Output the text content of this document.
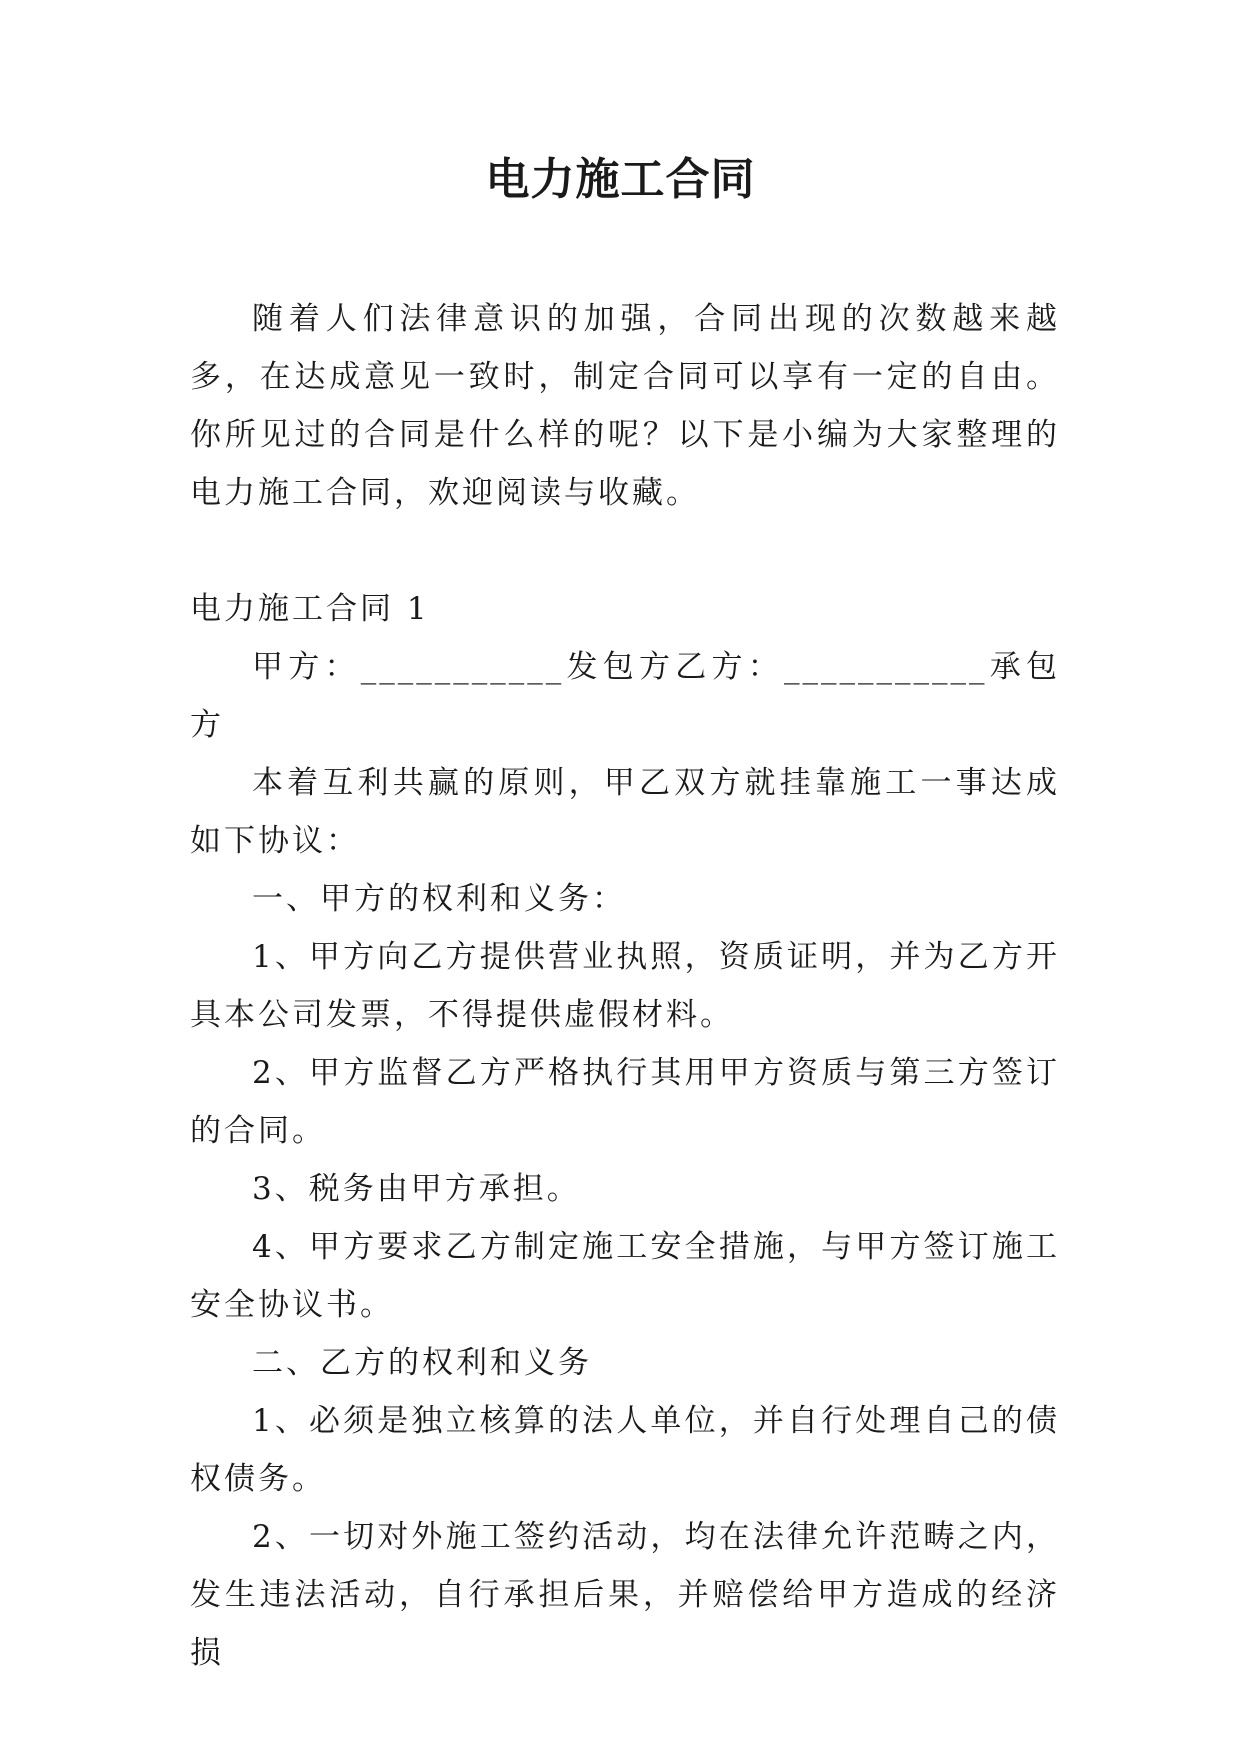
电力施工合同

随着人们法律意识的加强，合同出现的次数越来越多，在达成意见一致时，制定合同可以享有一定的自由。你所见过的合同是什么样的呢？以下是小编为大家整理的电力施工合同，欢迎阅读与收藏。

电力施工合同 1

甲方：___________发包方乙方：___________承包方

本着互利共赢的原则，甲乙双方就挂靠施工一事达成如下协议：

一、甲方的权利和义务：

1、甲方向乙方提供营业执照，资质证明，并为乙方开具本公司发票，不得提供虚假材料。

2、甲方监督乙方严格执行其用甲方资质与第三方签订的合同。

3、税务由甲方承担。

4、甲方要求乙方制定施工安全措施，与甲方签订施工安全协议书。

二、乙方的权利和义务

1、必须是独立核算的法人单位，并自行处理自己的债权债务。

2、一切对外施工签约活动，均在法律允许范畴之内，发生违法活动，自行承担后果，并赔偿给甲方造成的经济损
